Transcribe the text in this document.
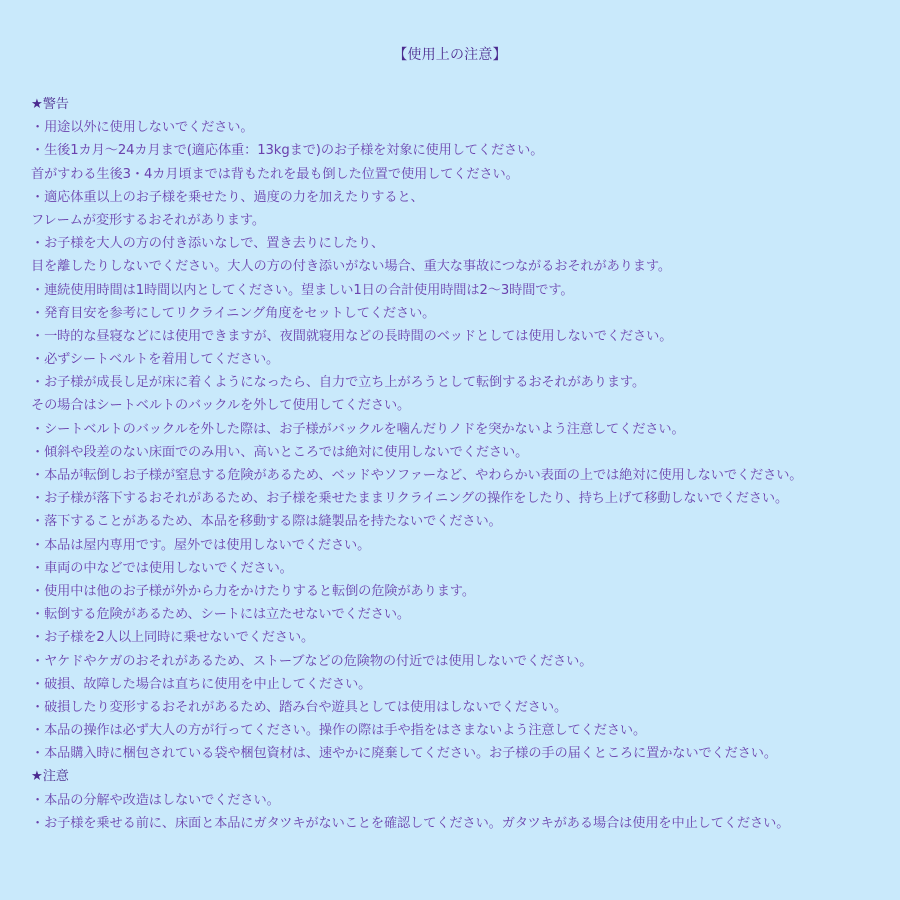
【使用上の注意】
★警告
・用途以外に使用しないでください。
・生後1カ月〜24カ月まで(適応体重：13kgまで)のお子様を対象に使用してください。
首がすわる生後3・4カ月頃までは背もたれを最も倒した位置で使用してください。
・適応体重以上のお子様を乗せたり、過度の力を加えたりすると、
フレームが変形するおそれがあります。
・お子様を大人の方の付き添いなしで、置き去りにしたり、
目を離したりしないでください。大人の方の付き添いがない場合、重大な事故につながるおそれがあります。
・連続使用時間は1時間以内としてください。望ましい1日の合計使用時間は2〜3時間です。
・発育目安を参考にしてリクライニング角度をセットしてください。
・一時的な昼寝などには使用できますが、夜間就寝用などの長時間のベッドとしては使用しないでください。
・必ずシートベルトを着用してください。
・お子様が成長し足が床に着くようになったら、自力で立ち上がろうとして転倒するおそれがあります。
その場合はシートベルトのバックルを外して使用してください。
・シートベルトのバックルを外した際は、お子様がバックルを噛んだりノドを突かないよう注意してください。
・傾斜や段差のない床面でのみ用い、高いところでは絶対に使用しないでください。
・本品が転倒しお子様が窒息する危険があるため、ベッドやソファーなど、やわらかい表面の上では絶対に使用しないでください。
・お子様が落下するおそれがあるため、お子様を乗せたままリクライニングの操作をしたり、持ち上げて移動しないでください。
・落下することがあるため、本品を移動する際は縫製品を持たないでください。
・本品は屋内専用です。屋外では使用しないでください。
・車両の中などでは使用しないでください。
・使用中は他のお子様が外から力をかけたりすると転倒の危険があります。
・転倒する危険があるため、シートには立たせないでください。
・お子様を2人以上同時に乗せないでください。
・ヤケドやケガのおそれがあるため、ストーブなどの危険物の付近では使用しないでください。
・破損、故障した場合は直ちに使用を中止してください。
・破損したり変形するおそれがあるため、踏み台や遊具としては使用はしないでください。
・本品の操作は必ず大人の方が行ってください。操作の際は手や指をはさまないよう注意してください。
・本品購入時に梱包されている袋や梱包資材は、速やかに廃棄してください。お子様の手の届くところに置かないでください。
★注意
・本品の分解や改造はしないでください。
・お子様を乗せる前に、床面と本品にガタツキがないことを確認してください。ガタツキがある場合は使用を中止してください。
